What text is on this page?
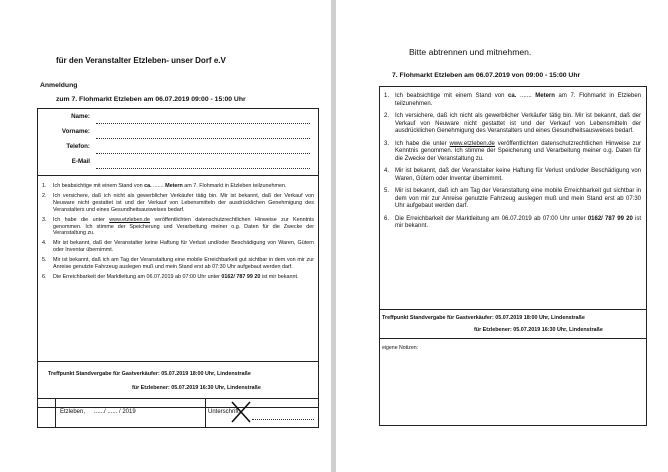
für den Veranstalter Etzleben- unser Dorf e.V
Anmeldung
zum 7. Flohmarkt Etzleben am 06.07.2019 09:00 - 15:00 Uhr
Name:
Vorname:
Telefon:
E-Mail
1. Ich beabsichtige mit einem Stand von ca. ....... Metern am 7. Flohmarkt in Etzleben teilzunehmen.
2. Ich versichere, daß ich nicht als gewerblicher Verkäufer tätig bin. Mir ist bekannt, daß der Verkauf von Neuware nicht gestattet ist und der Verkauf von Lebensmitteln der ausdrücklichen Genehmigung des Veranstalters und eines Gesundheitsausweises bedarf.
3. Ich habe die unter www.etzleben.de veröffentlichten datenschutzrechtlichen Hinweise zur Kenntnis genommen. Ich stimme der Speicherung und Verarbeitung meiner o.g. Daten für die Zwecke der Veranstaltung zu.
4. Mir ist bekannt, daß der Veranstalter keine Haftung für Verlust und/oder Beschädigung von Waren, Gütern oder Inventar übernimmt.
5. Mir ist bekannt, daß ich am Tag der Veranstaltung eine mobile Erreichbarkeit gut sichtbar in dem von mir zur Anreise genutzte Fahrzeug auslegen muß und mein Stand erst ab 07:30 Uhr aufgebaut werden darf.
6. Die Erreichbarkeit der Marktleitung am 06.07.2019 ab 07:00 Uhr unter 0162/ 787 99 20 ist mir bekannt.
Treffpunkt Standvergabe für Gastverkäufer: 05.07.2019 18:00 Uhr, Lindenstraße
für Etzlebener: 05.07.2019 16:30 Uhr, Lindenstraße
Etzleben, ....../ ...... / 2019	Unterschrift:
Bitte abtrennen und mitnehmen.
7. Flohmarkt Etzleben am 06.07.2019 von 09:00 - 15:00 Uhr
1. Ich beabsichtige mit einem Stand von ca. ....... Metern am 7. Flohmarkt in Etzleben teilzunehmen.
2. Ich versichere, daß ich nicht als gewerblicher Verkäufer tätig bin. Mir ist bekannt, daß der Verkauf von Neuware nicht gestattet ist und der Verkauf von Lebensmitteln der ausdrücklichen Genehmigung des Veranstalters und eines Gesundheitsausweises bedarf.
3. Ich habe die unter www.etzleben.de veröffentlichten datenschutzrechtlichen Hinweise zur Kenntnis genommen. Ich stimme der Speicherung und Verarbeitung meiner o.g. Daten für die Zwecke der Veranstaltung zu.
4. Mir ist bekannt, daß der Veranstalter keine Haftung für Verlust und/oder Beschädigung von Waren, Gütern oder Inventar übernimmt.
5. Mir ist bekannt, daß ich am Tag der Veranstaltung eine mobile Erreichbarkeit gut sichtbar in dem von mir zur Anreise genutzte Fahrzeug auslegen muß und mein Stand erst ab 07:30 Uhr aufgebaut werden darf.
6. Die Erreichbarkeit der Marktleitung am 06.07.2019 ab 07:00 Uhr unter 0162/ 787 99 20 ist mir bekannt.
Treffpunkt Standvergabe für Gastverkäufer: 05.07.2019 18:00 Uhr, Lindenstraße
für Etzlebener: 05.07.2019 16:30 Uhr, Lindenstraße
eigene Notizen:
